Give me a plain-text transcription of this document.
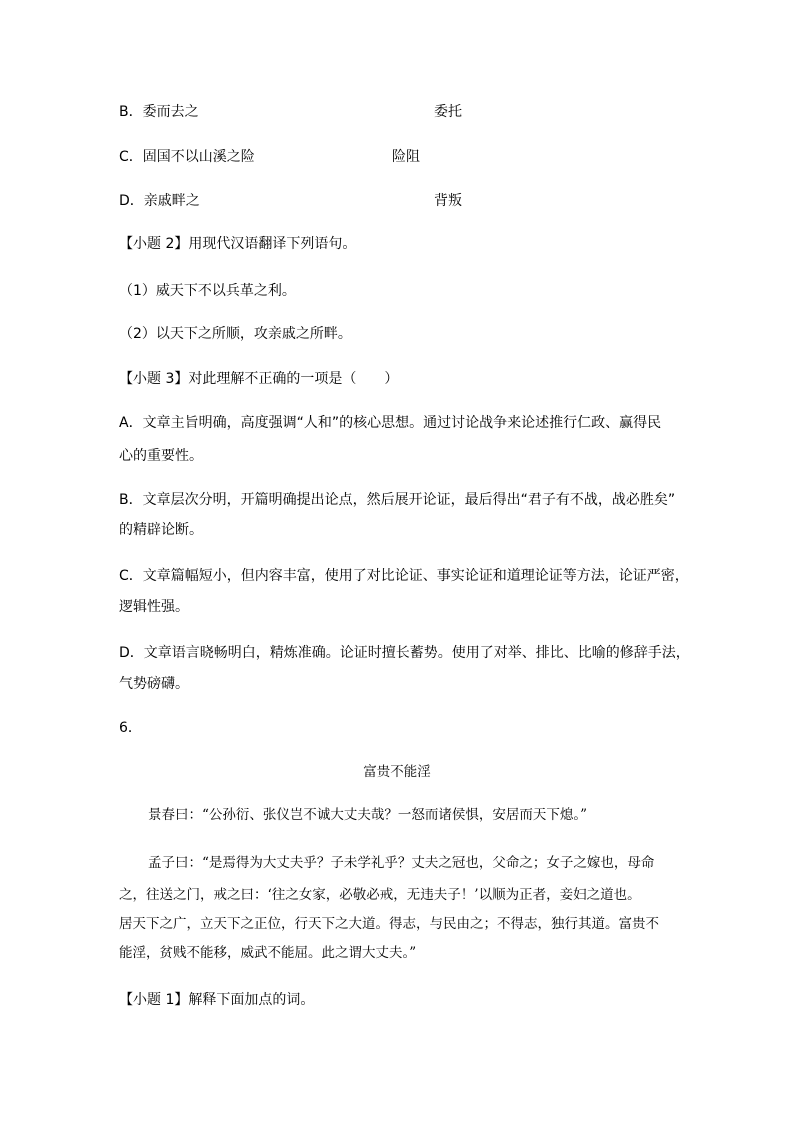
B．委而去之	委托

C．固国不以山溪之险	险阻

D．亲戚畔之	背叛

【小题 2】用现代汉语翻译下列语句。

（1）威天下不以兵革之利。

（2）以天下之所顺，攻亲戚之所畔。

【小题 3】对此理解不正确的一项是（　　）

A．文章主旨明确，高度强调“人和”的核心思想。通过讨论战争来论述推行仁政、赢得民

心的重要性。

B．文章层次分明，开篇明确提出论点，然后展开论证，最后得出“君子有不战，战必胜矣”

的精辟论断。

C．文章篇幅短小，但内容丰富，使用了对比论证、事实论证和道理论证等方法，论证严密，

逻辑性强。

D．文章语言晓畅明白，精炼准确。论证时擅长蓄势。使用了对举、排比、比喻的修辞手法，

气势磅礴。

6．

富贵不能淫

景春曰：“公孙衍、张仪岂不诚大丈夫哉？一怒而诸侯惧，安居而天下熄。”

孟子曰：“是焉得为大丈夫乎？子未学礼乎？丈夫之冠也，父命之；女子之嫁也，母命

之，往送之门，戒之曰：‘往之女家，必敬必戒，无违夫子！’以顺为正者，妾妇之道也。

居天下之广，立天下之正位，行天下之大道。得志，与民由之；不得志，独行其道。富贵不

能淫，贫贱不能移，威武不能屈。此之谓大丈夫。”

【小题 1】解释下面加点的词。
